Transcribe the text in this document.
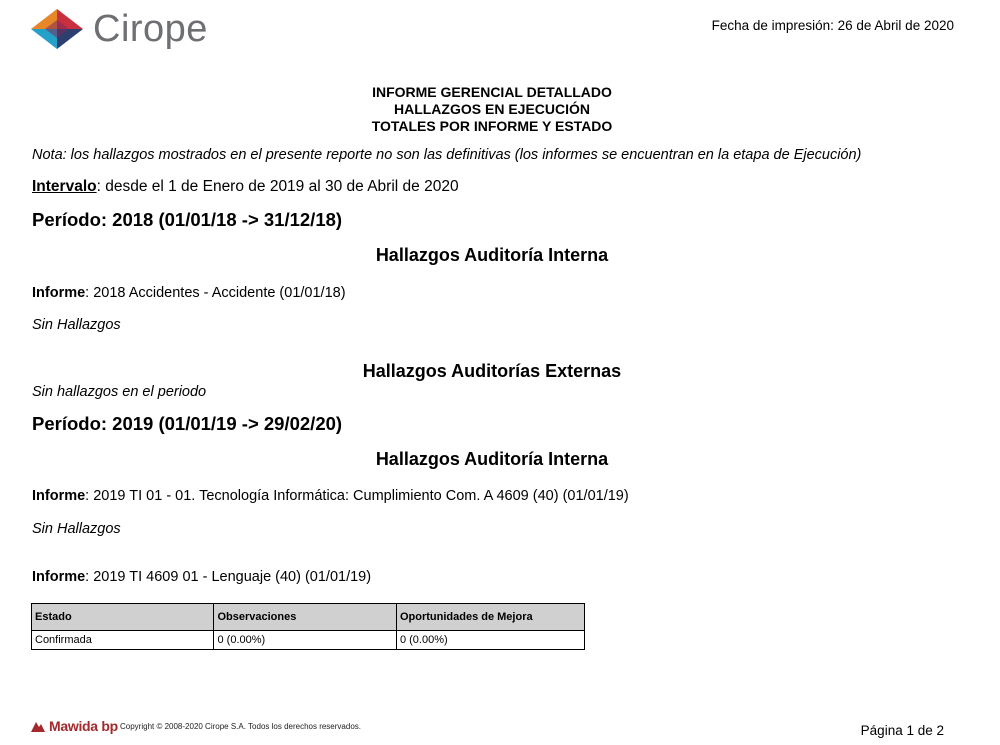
Cirope	Fecha de impresión: 26 de Abril de 2020
INFORME GERENCIAL DETALLADO
HALLAZGOS EN EJECUCIÓN
TOTALES POR INFORME Y ESTADO
Nota: los hallazgos mostrados en el presente reporte no son las definitivas (los informes se encuentran en la etapa de Ejecución)
Intervalo: desde el 1 de Enero de 2019 al 30 de Abril de 2020
Período: 2018 (01/01/18 -> 31/12/18)
Hallazgos Auditoría Interna
Informe: 2018 Accidentes - Accidente (01/01/18)
Sin Hallazgos
Hallazgos Auditorías Externas
Sin hallazgos en el periodo
Período: 2019 (01/01/19 -> 29/02/20)
Hallazgos Auditoría Interna
Informe: 2019 TI 01 - 01. Tecnología Informática: Cumplimiento Com. A 4609 (40) (01/01/19)
Sin Hallazgos
Informe: 2019 TI 4609 01 - Lenguaje (40) (01/01/19)
Estado	Observaciones	Oportunidades de Mejora
Confirmada	0 (0.00%)	0 (0.00%)
Mawida bp Copyright © 2008-2020 Cirope S.A. Todos los derechos reservados.	Página 1 de 2
